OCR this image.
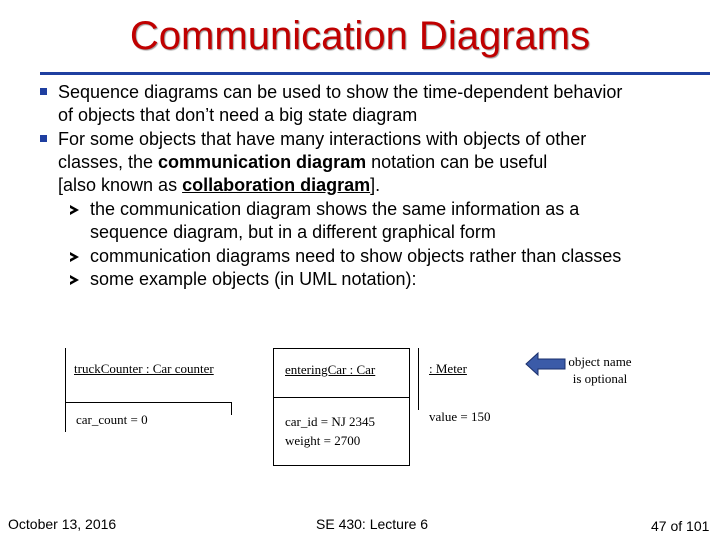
Communication Diagrams
Sequence diagrams can be used to show the time-dependent behavior
of objects that don’t need a big state diagram
For some objects that have many interactions with objects of other
classes, the communication diagram notation can be useful
[also known as collaboration diagram].
the communication diagram shows the same information as a
sequence diagram, but in a different graphical form
communication diagrams need to show objects rather than classes
some example objects (in UML notation):
truckCounter : Car counter
car_count = 0
enteringCar : Car
car_id = NJ 2345
weight = 2700
: Meter
value = 150
object name
is optional
October 13, 2016	SE 430: Lecture 6	47 of 101
